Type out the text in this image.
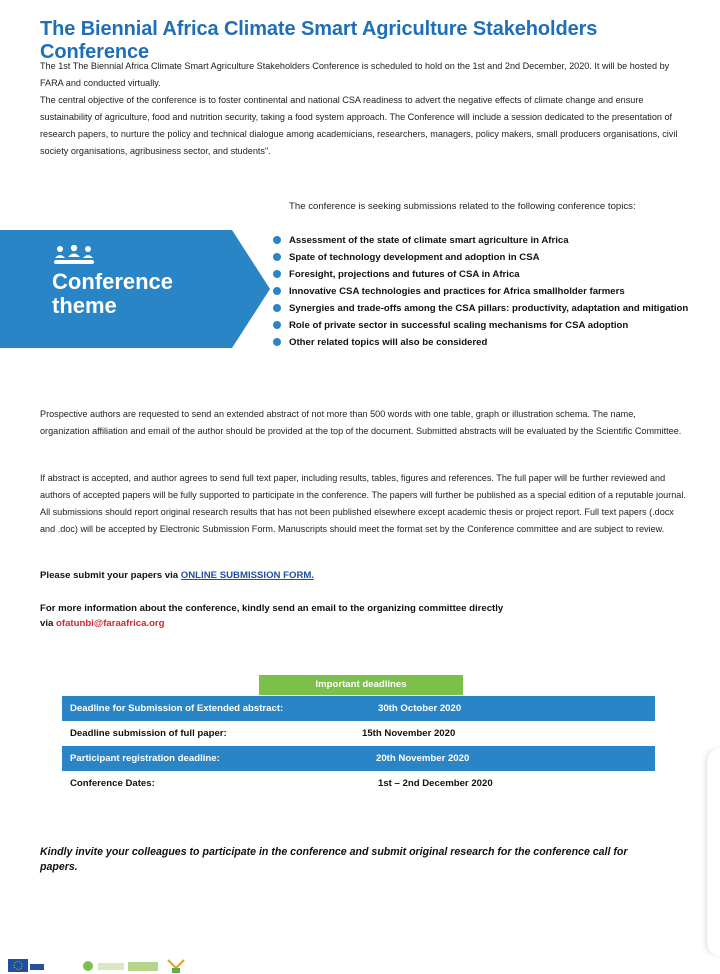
The Biennial Africa Climate Smart Agriculture Stakeholders Conference

The 1st The Biennial Africa Climate Smart Agriculture Stakeholders Conference is scheduled to hold on the 1st and 2nd December, 2020. It will be hosted by FARA and conducted virtually.

The central objective of the conference is to foster continental and national CSA readiness to advert the negative effects of climate change and ensure sustainability of agriculture, food and nutrition security, taking a food system approach. The Conference will include a session dedicated to the presentation of research papers, to nurture the policy and technical dialogue among academicians, researchers, managers, policy makers, small producers organisations, civil society organisations, agribusiness sector, and students".

Conference
theme
The conference is seeking submissions related to the following conference topics:
Assessment of the state of climate smart agriculture in Africa
Spate of technology development and adoption in CSA
Foresight, projections and futures of CSA in Africa
Innovative CSA technologies and practices for Africa smallholder farmers
Synergies and trade-offs among the CSA pillars: productivity, adaptation and mitigation
Role of private sector in successful scaling mechanisms for CSA adoption
Other related topics will also be considered

Prospective authors are requested to send an extended abstract of not more than 500 words with one table, graph or illustration schema. The name, organization affiliation and email of the author should be provided at the top of the document. Submitted abstracts will be evaluated by the Scientific Committee.

If abstract is accepted, and author agrees to send full text paper, including results, tables, figures and references. The full paper will be further reviewed and authors of accepted papers will be fully supported to participate in the conference. The papers will further be published as a special edition of a reputable journal. All submissions should report original research results that has not been published elsewhere except academic thesis or project report. Full text papers (.docx and .doc) will be accepted by Electronic Submission Form. Manuscripts should meet the format set by the Conference committee and are subject to review.

Please submit your papers via ONLINE SUBMISSION FORM.
For more information about the conference, kindly send an email to the organizing committee directly
via ofatunbi@faraafrica.org
Important deadlines
Deadline for Submission of Extended abstract:	30th October 2020
Deadline submission of full paper:	15th November 2020
Participant registration deadline:	20th November 2020
Conference Dates:	1st – 2nd December 2020
Kindly invite your colleagues to participate in the conference and submit original research for the conference call for papers.
